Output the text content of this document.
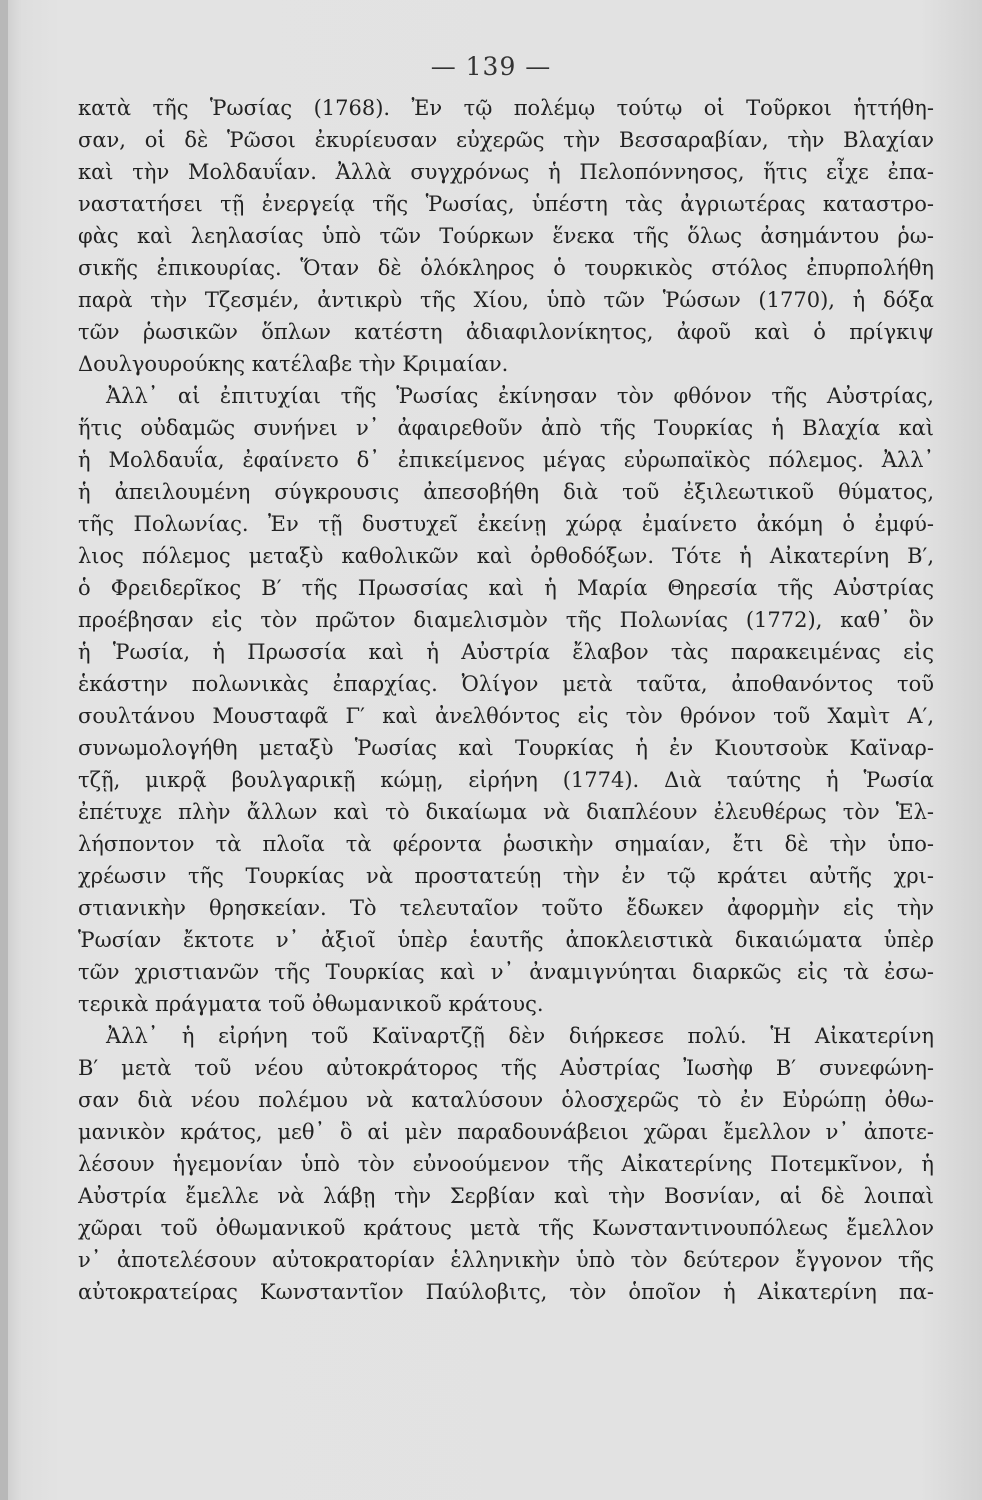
— 139 —

κατὰ τῆς Ῥωσίας (1768). Ἐν τῷ πολέμῳ τούτῳ οἱ Τοῦρκοι ἡττήθη-
σαν, οἱ δὲ Ῥῶσοι ἐκυρίευσαν εὐχερῶς τὴν Βεσσαραβίαν, τὴν Βλαχίαν
καὶ τὴν Μολδαυΐαν. Ἀλλὰ συγχρόνως ἡ Πελοπόννησος, ἥτις εἶχε ἐπα-
ναστατήσει τῇ ἐνεργείᾳ τῆς Ῥωσίας, ὑπέστη τὰς ἀγριωτέρας καταστρο-
φὰς καὶ λεηλασίας ὑπὸ τῶν Τούρκων ἕνεκα τῆς ὅλως ἀσημάντου ῥω-
σικῆς ἐπικουρίας. Ὅταν δὲ ὁλόκληρος ὁ τουρκικὸς στόλος ἐπυρπολήθη
παρὰ τὴν Τζεσμέν, ἀντικρὺ τῆς Χίου, ὑπὸ τῶν Ῥώσων (1770), ἡ δόξα
τῶν ῥωσικῶν ὅπλων κατέστη ἀδιαφιλονίκητος, ἀφοῦ καὶ ὁ πρίγκιψ
Δουλγουρούκης κατέλαβε τὴν Κριμαίαν.

Ἀλλ᾽ αἱ ἐπιτυχίαι τῆς Ῥωσίας ἐκίνησαν τὸν φθόνον τῆς Αὐστρίας,
ἥτις οὐδαμῶς συνήνει ν᾽ ἀφαιρεθοῦν ἀπὸ τῆς Τουρκίας ἡ Βλαχία καὶ
ἡ Μολδαυΐα, ἐφαίνετο δ᾽ ἐπικείμενος μέγας εὐρωπαϊκὸς πόλεμος. Ἀλλ᾽
ἡ ἀπειλουμένη σύγκρουσις ἀπεσοβήθη διὰ τοῦ ἐξιλεωτικοῦ θύματος,
τῆς Πολωνίας. Ἐν τῇ δυστυχεῖ ἐκείνῃ χώρᾳ ἐμαίνετο ἀκόμη ὁ ἐμφύ-
λιος πόλεμος μεταξὺ καθολικῶν καὶ ὀρθοδόξων. Τότε ἡ Αἰκατερίνη Β′,
ὁ Φρειδερῖκος Β′ τῆς Πρωσσίας καὶ ἡ Μαρία Θηρεσία τῆς Αὐστρίας
προέβησαν εἰς τὸν πρῶτον διαμελισμὸν τῆς Πολωνίας (1772), καθ᾽ ὃν
ἡ Ῥωσία, ἡ Πρωσσία καὶ ἡ Αὐστρία ἔλαβον τὰς παρακειμένας εἰς
ἑκάστην πολωνικὰς ἐπαρχίας. Ὀλίγον μετὰ ταῦτα, ἀποθανόντος τοῦ
σουλτάνου Μουσταφᾶ Γ′ καὶ ἀνελθόντος εἰς τὸν θρόνον τοῦ Χαμὶτ Α′,
συνωμολογήθη μεταξὺ Ῥωσίας καὶ Τουρκίας ἡ ἐν Κιουτσοὺκ Καϊναρ-
τζῇ, μικρᾷ βουλγαρικῇ κώμῃ, εἰρήνη (1774). Διὰ ταύτης ἡ Ῥωσία
ἐπέτυχε πλὴν ἄλλων καὶ τὸ δικαίωμα νὰ διαπλέουν ἐλευθέρως τὸν Ἑλ-
λήσποντον τὰ πλοῖα τὰ φέροντα ῥωσικὴν σημαίαν, ἔτι δὲ τὴν ὑπο-
χρέωσιν τῆς Τουρκίας νὰ προστατεύῃ τὴν ἐν τῷ κράτει αὐτῆς χρι-
στιανικὴν θρησκείαν. Τὸ τελευταῖον τοῦτο ἔδωκεν ἀφορμὴν εἰς τὴν
Ῥωσίαν ἔκτοτε ν᾽ ἀξιοῖ ὑπὲρ ἑαυτῆς ἀποκλειστικὰ δικαιώματα ὑπὲρ
τῶν χριστιανῶν τῆς Τουρκίας καὶ ν᾽ ἀναμιγνύηται διαρκῶς εἰς τὰ ἐσω-
τερικὰ πράγματα τοῦ ὀθωμανικοῦ κράτους.

Ἀλλ᾽ ἡ εἰρήνη τοῦ Καϊναρτζῇ δὲν διήρκεσε πολύ. Ἡ Αἰκατερίνη
Β′ μετὰ τοῦ νέου αὐτοκράτορος τῆς Αὐστρίας Ἰωσὴφ Β′ συνεφώνη-
σαν διὰ νέου πολέμου νὰ καταλύσουν ὁλοσχερῶς τὸ ἐν Εὐρώπῃ ὀθω-
μανικὸν κράτος, μεθ᾽ ὃ αἱ μὲν παραδουνάβειοι χῶραι ἔμελλον ν᾽ ἀποτε-
λέσουν ἡγεμονίαν ὑπὸ τὸν εὐνοούμενον τῆς Αἰκατερίνης Ποτεμκῖνον, ἡ
Αὐστρία ἔμελλε νὰ λάβῃ τὴν Σερβίαν καὶ τὴν Βοσνίαν, αἱ δὲ λοιπαὶ
χῶραι τοῦ ὀθωμανικοῦ κράτους μετὰ τῆς Κωνσταντινουπόλεως ἔμελλον
ν᾽ ἀποτελέσουν αὐτοκρατορίαν ἑλληνικὴν ὑπὸ τὸν δεύτερον ἔγγονον τῆς
αὐτοκρατείρας Κωνσταντῖον Παύλοβιτς, τὸν ὁποῖον ἡ Αἰκατερίνη πα-
